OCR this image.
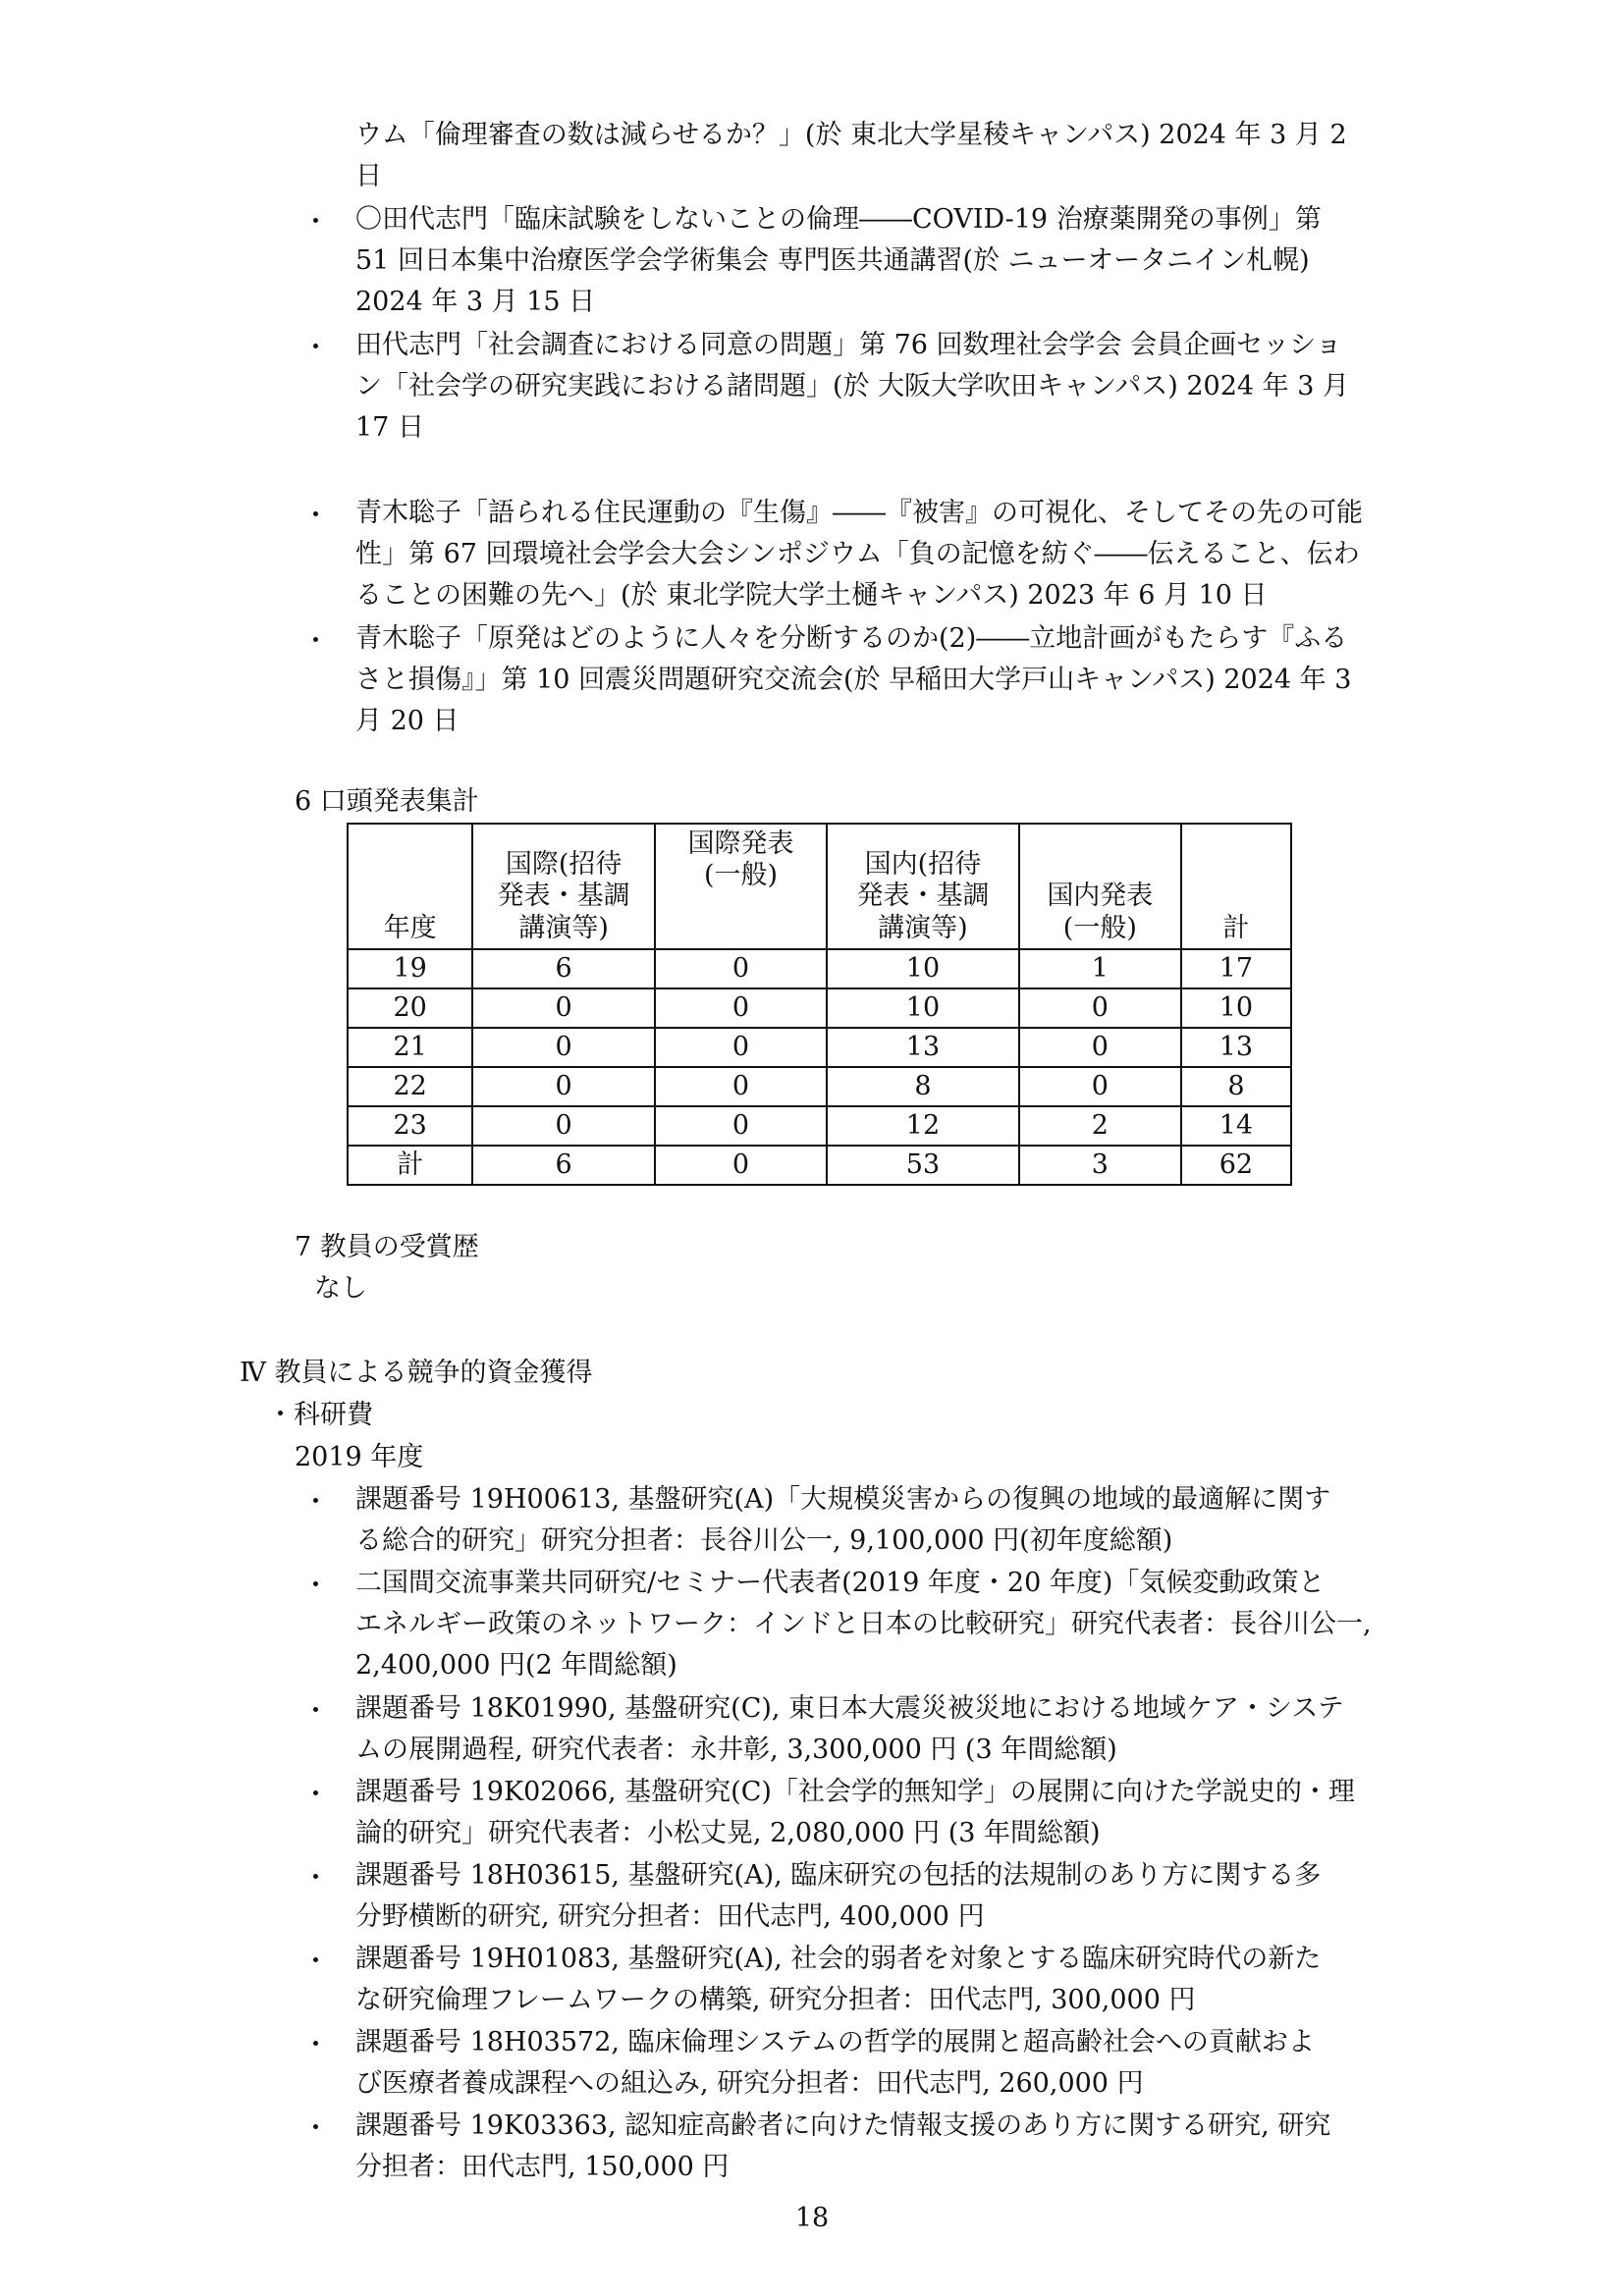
ウム「倫理審査の数は減らせるか？」(於 東北大学星稜キャンパス) 2024 年 3 月 2
日
・ 〇田代志門「臨床試験をしないことの倫理――COVID-19 治療薬開発の事例」第
51 回日本集中治療医学会学術集会 専門医共通講習(於 ニューオータニイン札幌)
2024 年 3 月 15 日
・ 田代志門「社会調査における同意の問題」第 76 回数理社会学会 会員企画セッショ
ン「社会学の研究実践における諸問題」(於 大阪大学吹田キャンパス) 2024 年 3 月
17 日
・ 青木聡子「語られる住民運動の『生傷』――『被害』の可視化、そしてその先の可能
性」第 67 回環境社会学会大会シンポジウム「負の記憶を紡ぐ――伝えること、伝わ
ることの困難の先へ」(於 東北学院大学土樋キャンパス) 2023 年 6 月 10 日
・ 青木聡子「原発はどのように人々を分断するのか(2)――立地計画がもたらす『ふる
さと損傷』」第 10 回震災問題研究交流会(於 早稲田大学戸山キャンパス) 2024 年 3
月 20 日
6 口頭発表集計
年度	国際(招待
発表・基調
講演等)	国際発表
(一般)	国内(招待
発表・基調
講演等)	国内発表
(一般)	計
19	6	0	10	1	17
20	0	0	10	0	10
21	0	0	13	0	13
22	0	0	8	0	8
23	0	0	12	2	14
計	6	0	53	3	62
7 教員の受賞歴
なし
Ⅳ 教員による競争的資金獲得
・科研費
2019 年度
・ 課題番号 19H00613, 基盤研究(A)「大規模災害からの復興の地域的最適解に関す
る総合的研究」研究分担者：長谷川公一, 9,100,000 円(初年度総額)
・ 二国間交流事業共同研究/セミナー代表者(2019 年度・20 年度)「気候変動政策と
エネルギー政策のネットワーク：インドと日本の比較研究」研究代表者：長谷川公一,
2,400,000 円(2 年間総額)
・ 課題番号 18K01990, 基盤研究(C), 東日本大震災被災地における地域ケア・システ
ムの展開過程, 研究代表者：永井彰, 3,300,000 円 (3 年間総額)
・ 課題番号 19K02066, 基盤研究(C)「社会学的無知学」の展開に向けた学説史的・理
論的研究」研究代表者：小松丈晃, 2,080,000 円 (3 年間総額)
・ 課題番号 18H03615, 基盤研究(A), 臨床研究の包括的法規制のあり方に関する多
分野横断的研究, 研究分担者：田代志門, 400,000 円
・ 課題番号 19H01083, 基盤研究(A), 社会的弱者を対象とする臨床研究時代の新た
な研究倫理フレームワークの構築, 研究分担者：田代志門, 300,000 円
・ 課題番号 18H03572, 臨床倫理システムの哲学的展開と超高齢社会への貢献およ
び医療者養成課程への組込み, 研究分担者：田代志門, 260,000 円
・ 課題番号 19K03363, 認知症高齢者に向けた情報支援のあり方に関する研究, 研究
分担者：田代志門, 150,000 円
18
